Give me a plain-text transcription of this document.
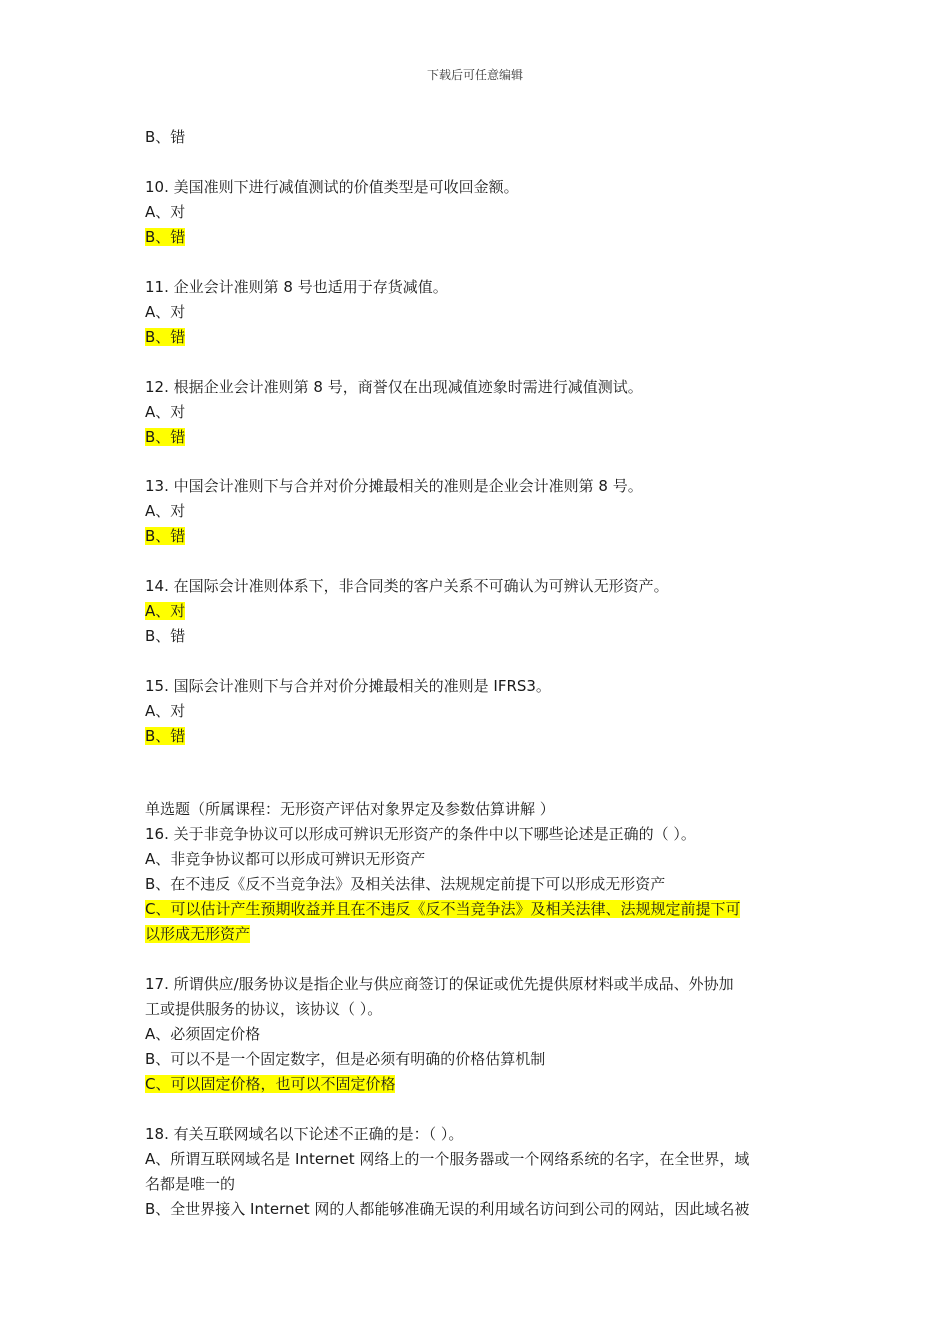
下载后可任意编辑
B、错
10. 美国准则下进行减值测试的价值类型是可收回金额。
A、对
B、错
11. 企业会计准则第 8 号也适用于存货减值。
A、对
B、错
12. 根据企业会计准则第 8 号，商誉仅在出现减值迹象时需进行减值测试。
A、对
B、错
13. 中国会计准则下与合并对价分摊最相关的准则是企业会计准则第 8 号。
A、对
B、错
14. 在国际会计准则体系下，非合同类的客户关系不可确认为可辨认无形资产。
A、对
B、错
15. 国际会计准则下与合并对价分摊最相关的准则是 IFRS3。
A、对
B、错
单选题（所属课程：无形资产评估对象界定及参数估算讲解 ）
16. 关于非竞争协议可以形成可辨识无形资产的条件中以下哪些论述是正确的（ ）。
A、非竞争协议都可以形成可辨识无形资产
B、在不违反《反不当竞争法》及相关法律、法规规定前提下可以形成无形资产
C、可以估计产生预期收益并且在不违反《反不当竞争法》及相关法律、法规规定前提下可
以形成无形资产
17. 所谓供应/服务协议是指企业与供应商签订的保证或优先提供原材料或半成品、外协加
工或提供服务的协议，该协议（ ）。
A、必须固定价格
B、可以不是一个固定数字，但是必须有明确的价格估算机制
C、可以固定价格，也可以不固定价格
18. 有关互联网域名以下论述不正确的是：（ ）。
A、所谓互联网域名是 Internet 网络上的一个服务器或一个网络系统的名字，在全世界，域
名都是唯一的
B、全世界接入 Internet 网的人都能够准确无误的利用域名访问到公司的网站，因此域名被
